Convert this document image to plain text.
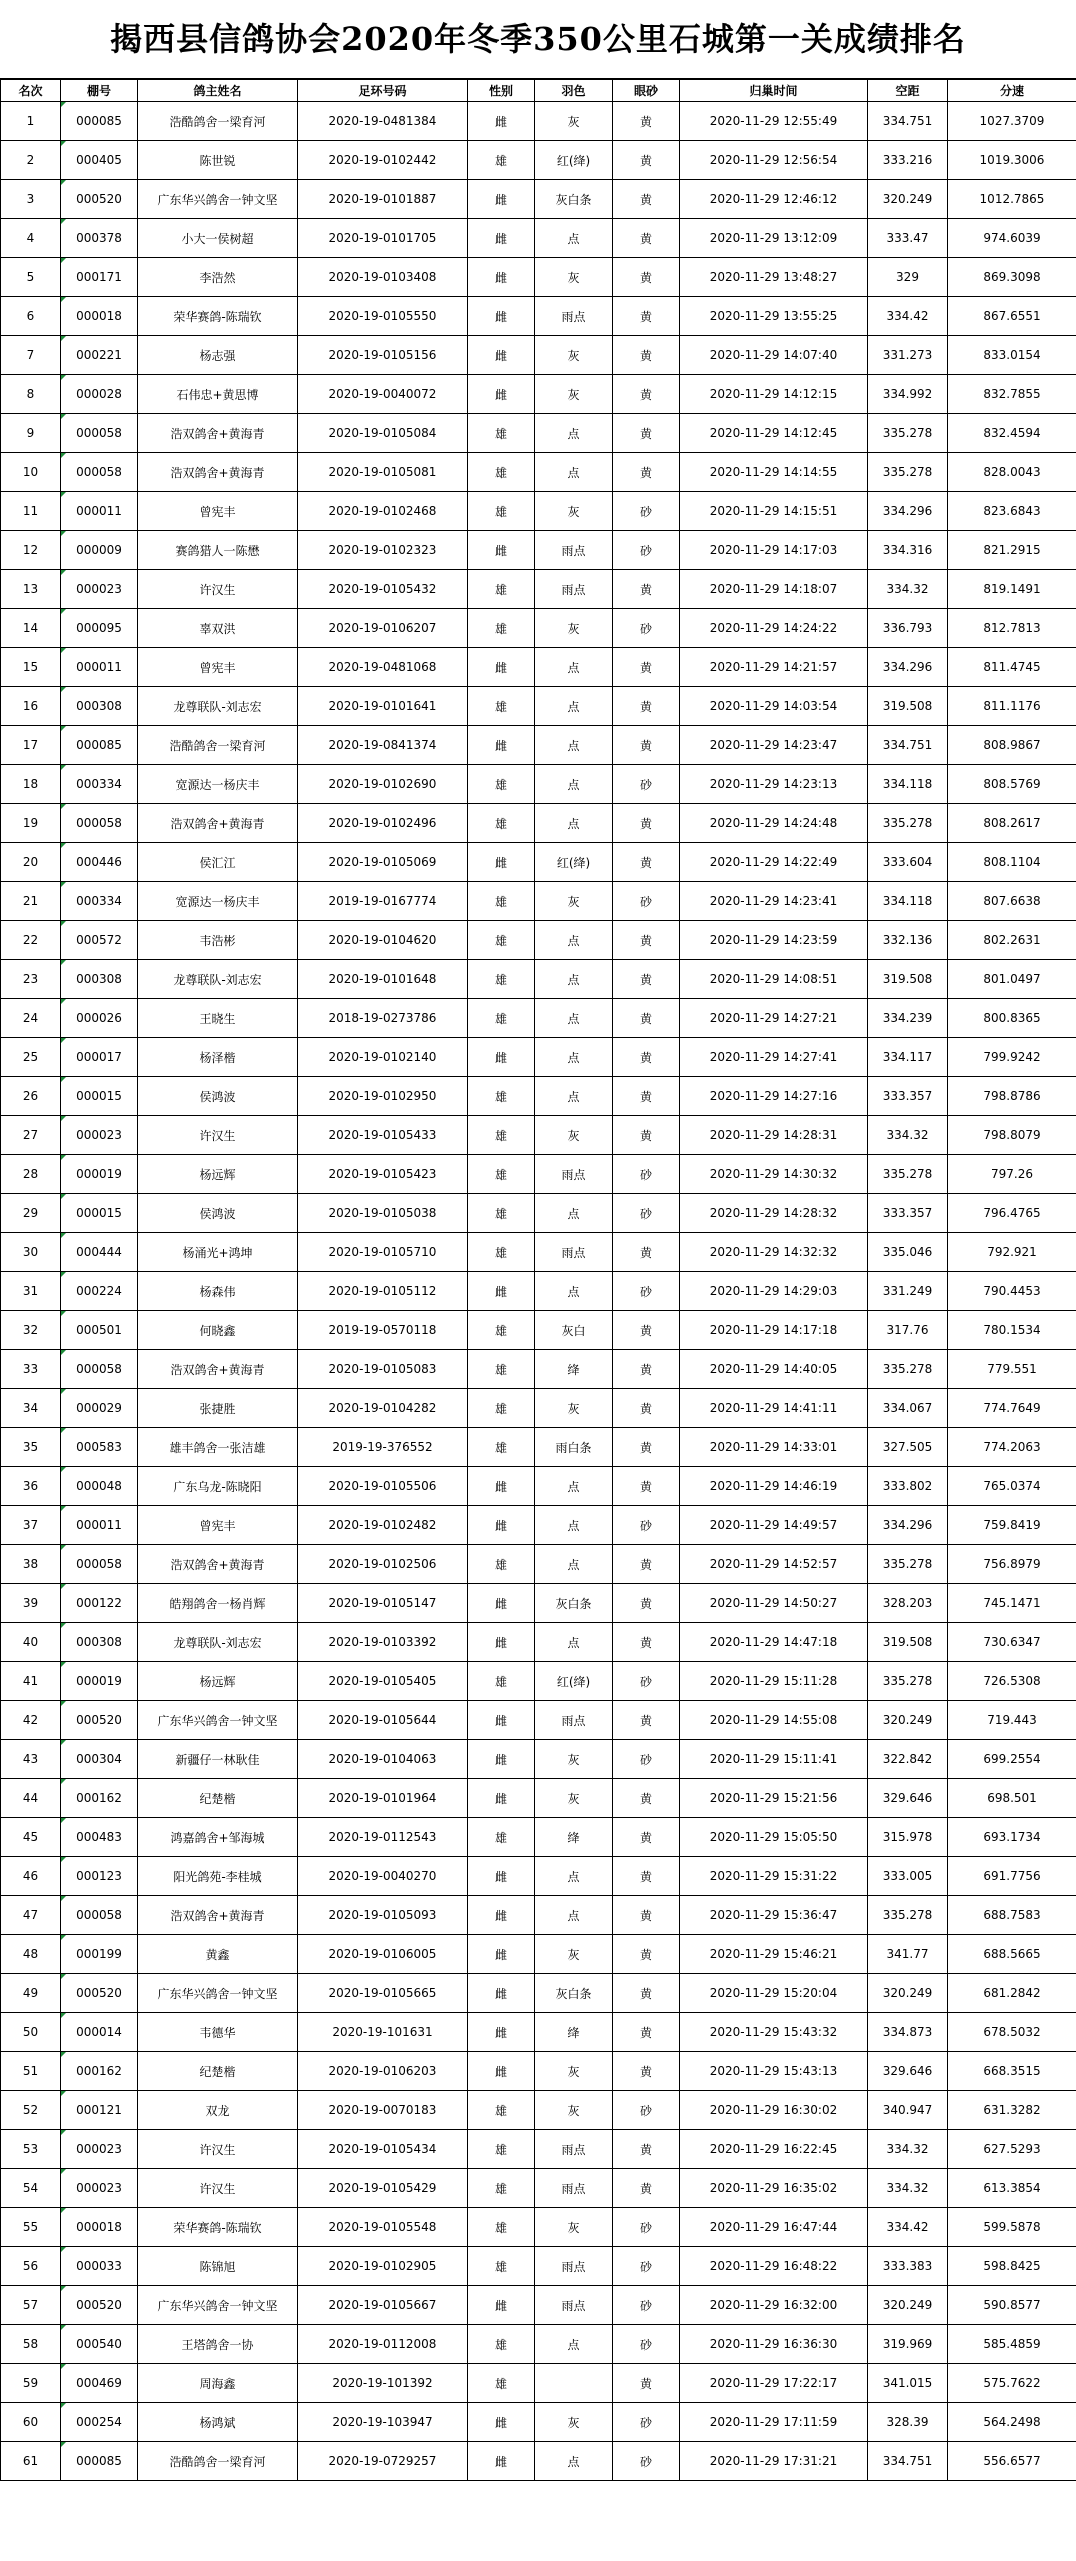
揭西县信鸽协会2020年冬季350公里石城第一关成绩排名
名次	棚号	鸽主姓名	足环号码	性别	羽色	眼砂	归巢时间	空距	分速
1	000085	浩酷鸽舍一梁育河	2020-19-0481384	雌	灰	黄	2020-11-29 12:55:49	334.751	1027.3709
2	000405	陈世锐	2020-19-0102442	雄	红(绛)	黄	2020-11-29 12:56:54	333.216	1019.3006
3	000520	广东华兴鸽舍一钟文坚	2020-19-0101887	雌	灰白条	黄	2020-11-29 12:46:12	320.249	1012.7865
4	000378	小大一侯树超	2020-19-0101705	雌	点	黄	2020-11-29 13:12:09	333.47	974.6039
5	000171	李浩然	2020-19-0103408	雌	灰	黄	2020-11-29 13:48:27	329	869.3098
6	000018	荣华赛鸽-陈瑞钦	2020-19-0105550	雌	雨点	黄	2020-11-29 13:55:25	334.42	867.6551
7	000221	杨志强	2020-19-0105156	雌	灰	黄	2020-11-29 14:07:40	331.273	833.0154
8	000028	石伟忠+黄思博	2020-19-0040072	雌	灰	黄	2020-11-29 14:12:15	334.992	832.7855
9	000058	浩双鸽舍+黄海青	2020-19-0105084	雄	点	黄	2020-11-29 14:12:45	335.278	832.4594
10	000058	浩双鸽舍+黄海青	2020-19-0105081	雄	点	黄	2020-11-29 14:14:55	335.278	828.0043
11	000011	曾宪丰	2020-19-0102468	雄	灰	砂	2020-11-29 14:15:51	334.296	823.6843
12	000009	赛鸽猎人一陈懋	2020-19-0102323	雌	雨点	砂	2020-11-29 14:17:03	334.316	821.2915
13	000023	许汉生	2020-19-0105432	雄	雨点	黄	2020-11-29 14:18:07	334.32	819.1491
14	000095	辜双洪	2020-19-0106207	雄	灰	砂	2020-11-29 14:24:22	336.793	812.7813
15	000011	曾宪丰	2020-19-0481068	雌	点	黄	2020-11-29 14:21:57	334.296	811.4745
16	000308	龙尊联队-刘志宏	2020-19-0101641	雄	点	黄	2020-11-29 14:03:54	319.508	811.1176
17	000085	浩酷鸽舍一梁育河	2020-19-0841374	雌	点	黄	2020-11-29 14:23:47	334.751	808.9867
18	000334	宽源达一杨庆丰	2020-19-0102690	雄	点	砂	2020-11-29 14:23:13	334.118	808.5769
19	000058	浩双鸽舍+黄海青	2020-19-0102496	雄	点	黄	2020-11-29 14:24:48	335.278	808.2617
20	000446	侯汇江	2020-19-0105069	雌	红(绛)	黄	2020-11-29 14:22:49	333.604	808.1104
21	000334	宽源达一杨庆丰	2019-19-0167774	雄	灰	砂	2020-11-29 14:23:41	334.118	807.6638
22	000572	韦浩彬	2020-19-0104620	雄	点	黄	2020-11-29 14:23:59	332.136	802.2631
23	000308	龙尊联队-刘志宏	2020-19-0101648	雄	点	黄	2020-11-29 14:08:51	319.508	801.0497
24	000026	王晓生	2018-19-0273786	雄	点	黄	2020-11-29 14:27:21	334.239	800.8365
25	000017	杨泽楷	2020-19-0102140	雌	点	黄	2020-11-29 14:27:41	334.117	799.9242
26	000015	侯鸿波	2020-19-0102950	雄	点	黄	2020-11-29 14:27:16	333.357	798.8786
27	000023	许汉生	2020-19-0105433	雄	灰	黄	2020-11-29 14:28:31	334.32	798.8079
28	000019	杨远辉	2020-19-0105423	雄	雨点	砂	2020-11-29 14:30:32	335.278	797.26
29	000015	侯鸿波	2020-19-0105038	雄	点	砂	2020-11-29 14:28:32	333.357	796.4765
30	000444	杨涌光+鸿坤	2020-19-0105710	雄	雨点	黄	2020-11-29 14:32:32	335.046	792.921
31	000224	杨森伟	2020-19-0105112	雌	点	砂	2020-11-29 14:29:03	331.249	790.4453
32	000501	何晓鑫	2019-19-0570118	雄	灰白	黄	2020-11-29 14:17:18	317.76	780.1534
33	000058	浩双鸽舍+黄海青	2020-19-0105083	雄	绛	黄	2020-11-29 14:40:05	335.278	779.551
34	000029	张捷胜	2020-19-0104282	雄	灰	黄	2020-11-29 14:41:11	334.067	774.7649
35	000583	雄丰鸽舍一张洁雄	2019-19-376552	雄	雨白条	黄	2020-11-29 14:33:01	327.505	774.2063
36	000048	广东乌龙-陈晓阳	2020-19-0105506	雌	点	黄	2020-11-29 14:46:19	333.802	765.0374
37	000011	曾宪丰	2020-19-0102482	雌	点	砂	2020-11-29 14:49:57	334.296	759.8419
38	000058	浩双鸽舍+黄海青	2020-19-0102506	雄	点	黄	2020-11-29 14:52:57	335.278	756.8979
39	000122	皓翔鸽舍一杨肖辉	2020-19-0105147	雌	灰白条	黄	2020-11-29 14:50:27	328.203	745.1471
40	000308	龙尊联队-刘志宏	2020-19-0103392	雌	点	黄	2020-11-29 14:47:18	319.508	730.6347
41	000019	杨远辉	2020-19-0105405	雄	红(绛)	砂	2020-11-29 15:11:28	335.278	726.5308
42	000520	广东华兴鸽舍一钟文坚	2020-19-0105644	雌	雨点	黄	2020-11-29 14:55:08	320.249	719.443
43	000304	新疆仔一林耿佳	2020-19-0104063	雌	灰	砂	2020-11-29 15:11:41	322.842	699.2554
44	000162	纪楚楷	2020-19-0101964	雌	灰	黄	2020-11-29 15:21:56	329.646	698.501
45	000483	鸿嘉鸽舍+邹海城	2020-19-0112543	雄	绛	黄	2020-11-29 15:05:50	315.978	693.1734
46	000123	阳光鸽苑-李桂城	2020-19-0040270	雌	点	黄	2020-11-29 15:31:22	333.005	691.7756
47	000058	浩双鸽舍+黄海青	2020-19-0105093	雌	点	黄	2020-11-29 15:36:47	335.278	688.7583
48	000199	黄鑫	2020-19-0106005	雌	灰	黄	2020-11-29 15:46:21	341.77	688.5665
49	000520	广东华兴鸽舍一钟文坚	2020-19-0105665	雌	灰白条	黄	2020-11-29 15:20:04	320.249	681.2842
50	000014	韦德华	2020-19-101631	雌	绛	黄	2020-11-29 15:43:32	334.873	678.5032
51	000162	纪楚楷	2020-19-0106203	雌	灰	黄	2020-11-29 15:43:13	329.646	668.3515
52	000121	双龙	2020-19-0070183	雄	灰	砂	2020-11-29 16:30:02	340.947	631.3282
53	000023	许汉生	2020-19-0105434	雄	雨点	黄	2020-11-29 16:22:45	334.32	627.5293
54	000023	许汉生	2020-19-0105429	雄	雨点	黄	2020-11-29 16:35:02	334.32	613.3854
55	000018	荣华赛鸽-陈瑞钦	2020-19-0105548	雄	灰	砂	2020-11-29 16:47:44	334.42	599.5878
56	000033	陈锦旭	2020-19-0102905	雄	雨点	砂	2020-11-29 16:48:22	333.383	598.8425
57	000520	广东华兴鸽舍一钟文坚	2020-19-0105667	雌	雨点	砂	2020-11-29 16:32:00	320.249	590.8577
58	000540	王塔鸽舍一协	2020-19-0112008	雄	点	砂	2020-11-29 16:36:30	319.969	585.4859
59	000469	周海鑫	2020-19-101392	雄		黄	2020-11-29 17:22:17	341.015	575.7622
60	000254	杨鸿斌	2020-19-103947	雌	灰	砂	2020-11-29 17:11:59	328.39	564.2498
61	000085	浩酷鸽舍一梁育河	2020-19-0729257	雌	点	砂	2020-11-29 17:31:21	334.751	556.6577
